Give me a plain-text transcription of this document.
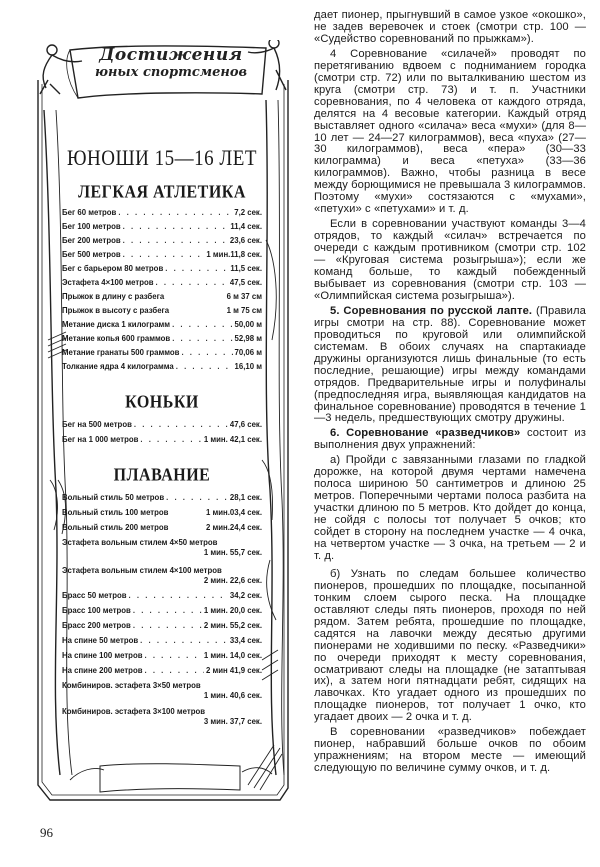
Достижения
юных спортсменов
ЮНОШИ 15—16 ЛЕТ
ЛЕГКАЯ АТЛЕТИКА
Бег 60 метров . . .	7,2 сек.
Бег 100 метров . . .	11,4 сек.
Бег 200 метров . . .	23,6 сек.
Бег 500 метров . . .	1 мин.11,8 сек.
Бег с барьером 80 метров . . .	11,5 сек.
Эстафета 4×100 метров . . .	47,5 сек.
Прыжок в длину с разбега	6 м 37 см
Прыжок в высоту с разбега	1 м 75 см
Метание диска 1 килограмм . . .	50,00 м
Метание копья 600 граммов . . .	52,98 м
Метание гранаты 500 граммов . . .	70,06 м
Толкание ядра 4 килограмма . . .	16,10 м
КОНЬКИ
Бег на 500 метров . . .	47,6 сек.
Бег на 1 000 метров . . .	1 мин. 42,1 сек.
ПЛАВАНИЕ
Вольный стиль 50 метров . . .	28,1 сек.
Вольный стиль 100 метров	1 мин.03,4 сек.
Вольный стиль 200 метров	2 мин.24,4 сек.
Эстафета вольным стилем 4×50 метров
1 мин. 55,7 сек.
Эстафета вольным стилем 4×100 метров
2 мин. 22,6 сек.
Брасс 50 метров . . .	34,2 сек.
Брасс 100 метров . . .	1 мин. 20,0 сек.
Брасс 200 метров . . .	2 мин. 55,2 сек.
На спине 50 метров . . .	33,4 сек.
На спине 100 метров . . .	1 мин. 14,0 сек.
На спине 200 метров . . .	2 мин 41,9 сек.
Комбиниров. эстафета 3×50 метров
1 мин. 40,6 сек.
Комбиниров. эстафета 3×100 метров
3 мин. 37,7 сек.
96

дает пионер, прыгнувший в самое узкое «окошко», не задев веревочек и стоек (смотри стр. 100 — «Судейство соревнований по прыжкам»).

4 Соревнование «силачей» проводят по перетягиванию вдвоем с подниманием городка (смотри стр. 72) или по выталкиванию шестом из круга (смотри стр. 73) и т. п. Участники соревнования, по 4 человека от каждого отряда, делятся на 4 весовые категории. Каждый отряд выставляет одного «силача» веса «мухи» (для 8—10 лет — 24—27 килограммов), веса «пуха» (27—30 килограммов), веса «пера» (30—33 килограмма) и веса «петуха» (33—36 килограммов). Важно, чтобы разница в весе между борющимися не превышала 3 килограммов. Поэтому «мухи» состязаются с «мухами», «петухи» с «петухами» и т. д.

Если в соревновании участвуют команды 3—4 отрядов, то каждый «силач» встречается по очереди с каждым противником (смотри стр. 102 — «Круговая система розыгрыша»); если же команд больше, то каждый побежденный выбывает из соревнования (смотри стр. 103 — «Олимпийская система розыгрыша»).

5. Соревнования по русской лапте. (Правила игры смотри на стр. 88). Соревнование может проводиться по круговой или олимпийской системам. В обоих случаях на спартакиаде дружины организуются лишь финальные (то есть последние, решающие) игры между командами отрядов. Предварительные игры и полуфиналы (предпоследняя игра, выявляющая кандидатов на финальное соревнование) проводятся в течение 1—3 недель, предшествующих смотру дружины.

6. Соревнование «разведчиков» состоит из выполнения двух упражнений:

а) Пройди с завязанными глазами по гладкой дорожке, на которой двумя чертами намечена полоса шириною 50 сантиметров и длиною 25 метров. Поперечными чертами полоса разбита на участки длиною по 5 метров. Кто дойдет до конца, не сойдя с полосы тот получает 5 очков; кто сойдет в сторону на последнем участке — 4 очка, на четвертом участке — 3 очка, на третьем — 2 и т. д.

б) Узнать по следам большее количество пионеров, прошедших по площадке, посыпанной тонким слоем сырого песка. На площадке оставляют следы пять пионеров, проходя по ней рядом. Затем ребята, прошедшие по площадке, садятся на лавочки между десятью другими пионерами не ходившими по песку. «Разведчики» по очереди приходят к месту соревнования, осматривают следы на площадке (не затаптывая их), а затем ноги пятнадцати ребят, сидящих на лавочках. Кто угадает одного из прошедших по площадке пионеров, тот получает 1 очко, кто угадает двоих — 2 очка и т. д.

В соревновании «разведчиков» побеждает пионер, набравший больше очков по обоим упражнениям; на втором месте — имеющий следующую по величине сумму очков, и т. д.
